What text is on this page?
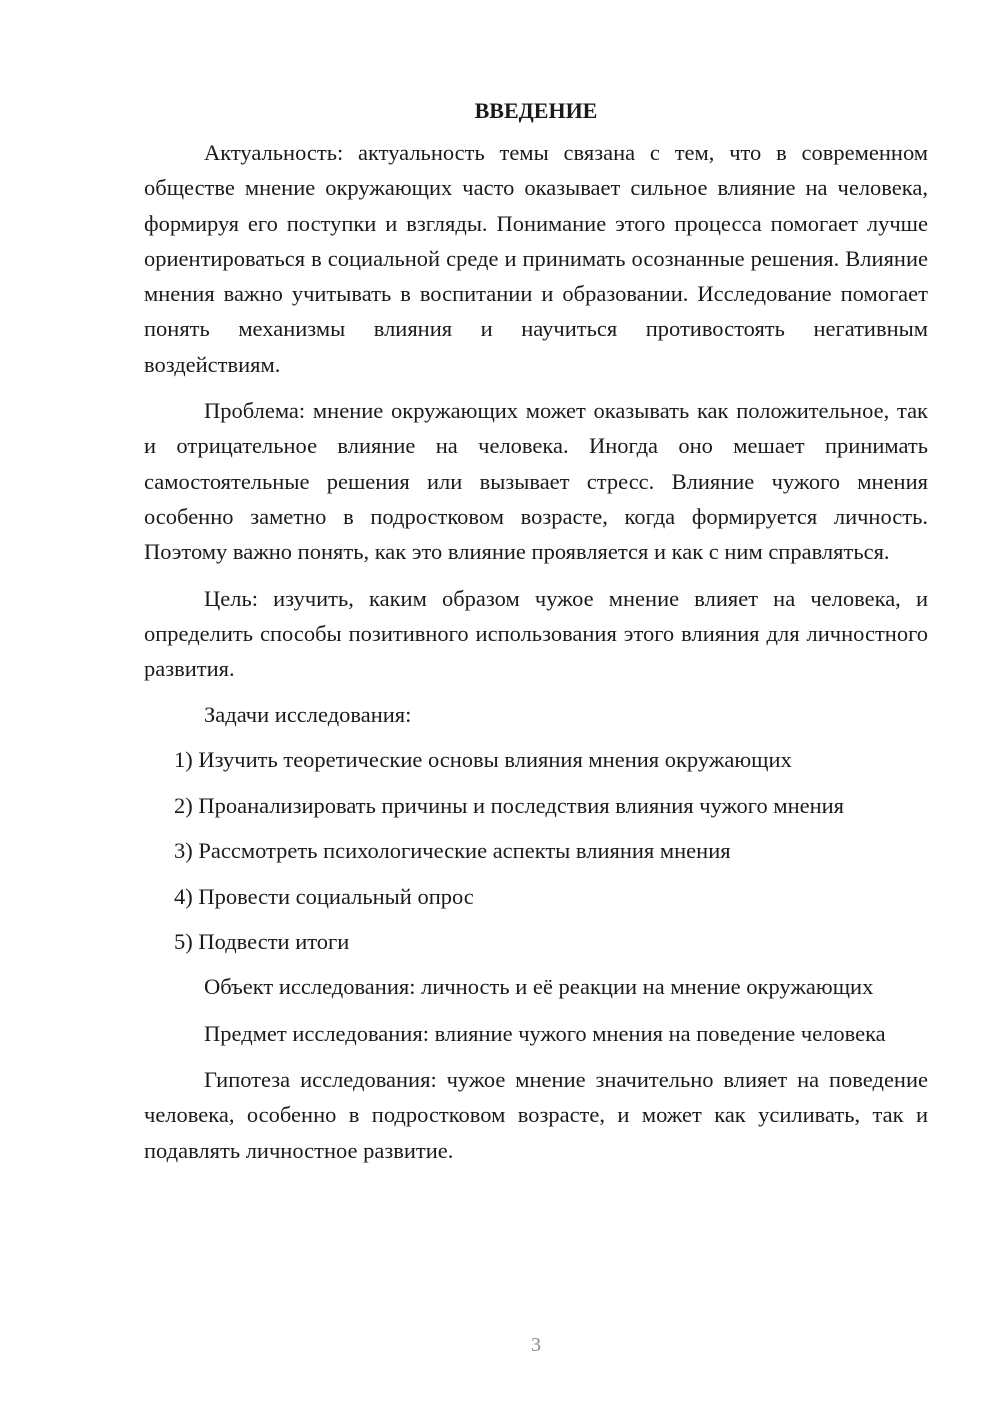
ВВЕДЕНИЕ

Актуальность: актуальность темы связана с тем, что в современном обществе мнение окружающих часто оказывает сильное влияние на человека, формируя его поступки и взгляды. Понимание этого процесса помогает лучше ориентироваться в социальной среде и принимать осознанные решения. Влияние мнения важно учитывать в воспитании и образовании. Исследование помогает понять механизмы влияния и научиться противостоять негативным воздействиям.

Проблема: мнение окружающих может оказывать как положительное, так и отрицательное влияние на человека. Иногда оно мешает принимать самостоятельные решения или вызывает стресс. Влияние чужого мнения особенно заметно в подростковом возрасте, когда формируется личность. Поэтому важно понять, как это влияние проявляется и как с ним справляться.

Цель: изучить, каким образом чужое мнение влияет на человека, и определить способы позитивного использования этого влияния для личностного развития.

Задачи исследования:
1) Изучить теоретические основы влияния мнения окружающих
2) Проанализировать причины и последствия влияния чужого мнения
3) Рассмотреть психологические аспекты влияния мнения
4) Провести социальный опрос
5) Подвести итоги

Объект исследования: личность и её реакции на мнение окружающих

Предмет исследования: влияние чужого мнения на поведение человека

Гипотеза исследования: чужое мнение значительно влияет на поведение человека, особенно в подростковом возрасте, и может как усиливать, так и подавлять личностное развитие.

3
